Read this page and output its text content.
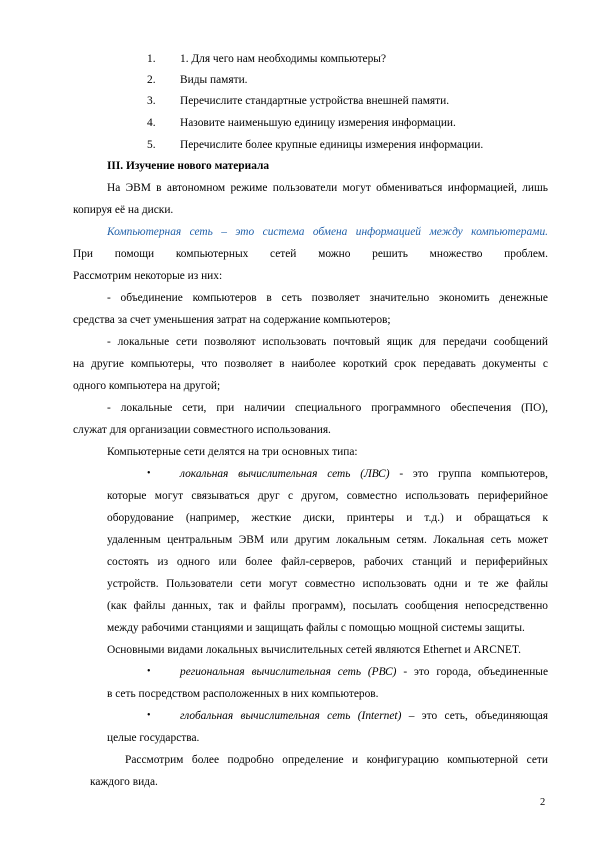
1. 1. Для чего нам необходимы компьютеры?
2. Виды памяти.
3. Перечислите стандартные устройства внешней памяти.
4. Назовите наименьшую единицу измерения информации.
5. Перечислите более крупные единицы измерения информации.
III. Изучение нового материала
На ЭВМ в автономном режиме пользователи могут обмениваться информацией, лишь
копируя её на диски.
Компьютерная сеть – это система обмена информацией между компьютерами.
При помощи компьютерных сетей можно решить множество проблем.
Рассмотрим некоторые из них:
- объединение компьютеров в сеть позволяет значительно экономить денежные
средства за счет уменьшения затрат на содержание компьютеров;
- локальные сети позволяют использовать почтовый ящик для передачи сообщений
на другие компьютеры, что позволяет в наиболее короткий срок передавать документы с
одного компьютера на другой;
- локальные сети, при наличии специального программного обеспечения (ПО),
служат для организации совместного использования.
Компьютерные сети делятся на три основных типа:
•	локальная вычислительная сеть (ЛВС) - это группа компьютеров,
которые могут связываться друг с другом, совместно использовать периферийное
оборудование (например, жесткие диски, принтеры и т.д.) и обращаться к
удаленным центральным ЭВМ или другим локальным сетям. Локальная сеть может
состоять из одного или более файл-серверов, рабочих станций и периферийных
устройств. Пользователи сети могут совместно использовать одни и те же файлы
(как файлы данных, так и файлы программ), посылать сообщения непосредственно
между рабочими станциями и защищать файлы с помощью мощной системы защиты.
Основными видами локальных вычислительных сетей являются Ethernet и ARCNET.
•	региональная вычислительная сеть (РВС) - это города, объединенные
в сеть посредством расположенных в них компьютеров.
•	глобальная вычислительная сеть (Internet) – это сеть, объединяющая
целые государства.
Рассмотрим более подробно определение и конфигурацию компьютерной сети
каждого вида.
2
